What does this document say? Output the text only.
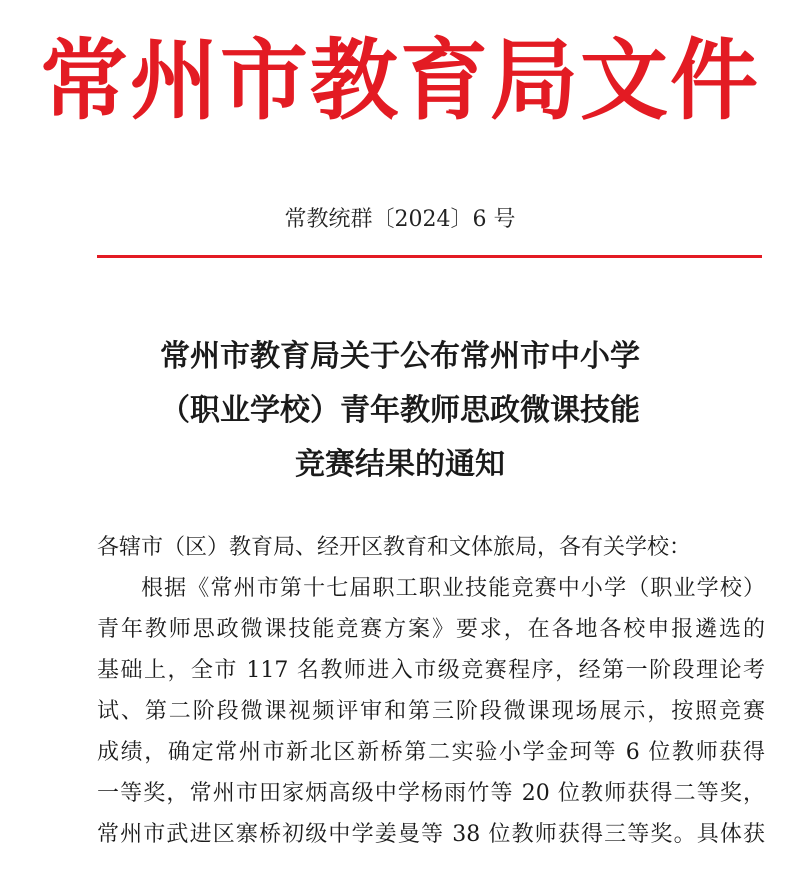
常州市教育局文件
常教统群〔2024〕6 号
常州市教育局关于公布常州市中小学
（职业学校）青年教师思政微课技能
竞赛结果的通知
各辖市（区）教育局、经开区教育和文体旅局，各有关学校：
根据《常州市第十七届职工职业技能竞赛中小学（职业学校）
青年教师思政微课技能竞赛方案》要求，在各地各校申报遴选的
基础上，全市 117 名教师进入市级竞赛程序，经第一阶段理论考
试、第二阶段微课视频评审和第三阶段微课现场展示，按照竞赛
成绩，确定常州市新北区新桥第二实验小学金珂等 6 位教师获得
一等奖，常州市田家炳高级中学杨雨竹等 20 位教师获得二等奖，
常州市武进区寨桥初级中学姜曼等 38 位教师获得三等奖。具体获
